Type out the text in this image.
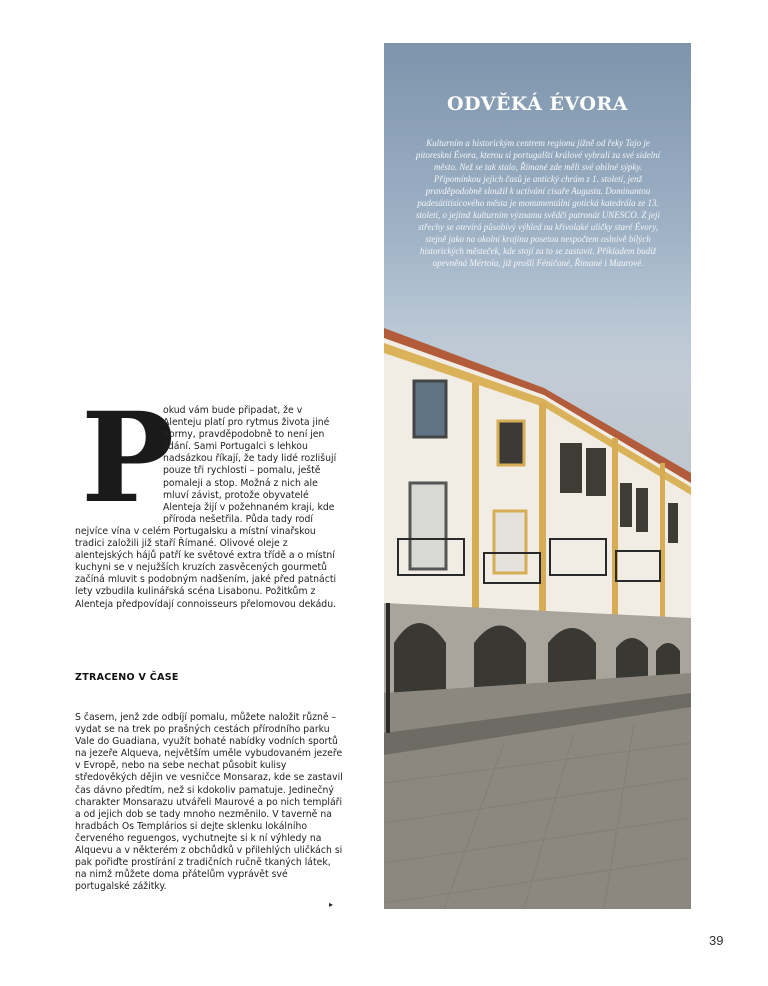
ODVĚKÁ ÉVORA

Kulturním a historickým centrem regionu jižně od řeky Tajo je pitoreskní Évora, kterou si portugalští králové vybrali za své sídelní město. Než se tak stalo, Římané zde měli své obilné sýpky. Připomínkou jejich časů je antický chrám z 1. století, jenž pravděpodobně sloužil k uctívání císaře Augusta. Dominantou padesátitisícového města je monumentální gotická katedrála ze 13. století, o jejímž kulturním významu svědčí patronát UNESCO. Z její střechy se otevírá působivý výhled na křivolaké uličky staré Évory, stejně jako na okolní krajinu posetou nespočtem oslnivě bílých historických městeček, kde stojí za to se zastavit. Příkladem budiž opevněná Mértola, jíž prošli Féničané, Římané i Maurové.

P

okud vám bude připadat, že v Alenteju platí pro rytmus života jiné normy, pravděpodobně to není jen zdání. Sami Portugalci s lehkou nadsázkou říkají, že tady lidé rozlišují pouze tři rychlosti – pomalu, ještě pomaleji a stop. Možná z nich ale mluví závist, protože obyvatelé Alenteja žijí v požehnaném kraji, kde příroda nešetřila. Půda tady rodí nejvíce vína v celém Portugalsku a místní vinařskou tradici založili již staří Římané. Olivové oleje z alentejských hájů patří ke světové extra třídě a o místní kuchyni se v nejužších kruzích zasvěcených gourmetů začíná mluvit s podobným nadšením, jaké před patnácti lety vzbudila kulinářská scéna Lisabonu. Požitkům z Alenteja předpovídají connoisseurs přelomovou dekádu.

ZTRACENO V ČASE

S časem, jenž zde odbíjí pomalu, můžete naložit různě – vydat se na trek po prašných cestách přírodního parku Vale do Guadiana, využít bohaté nabídky vodních sportů na jezeře Alqueva, největším uměle vybudovaném jezeře v Evropě, nebo na sebe nechat působit kulisy středověkých dějin ve vesničce Monsaraz, kde se zastavil čas dávno předtím, než si kdokoliv pamatuje. Jedinečný charakter Monsarazu utvářeli Maurové a po nich templáři a od jejich dob se tady mnoho nezměnilo. V taverně na hradbách Os Templários si dejte sklenku lokálního červeného reguengos, vychutnejte si k ní výhledy na Alquevu a v některém z obchůdků v přilehlých uličkách si pak pořiďte prostírání z tradičních ručně tkaných látek, na nimž můžete doma přátelům vyprávět své portugalské zážitky.

▸
39
